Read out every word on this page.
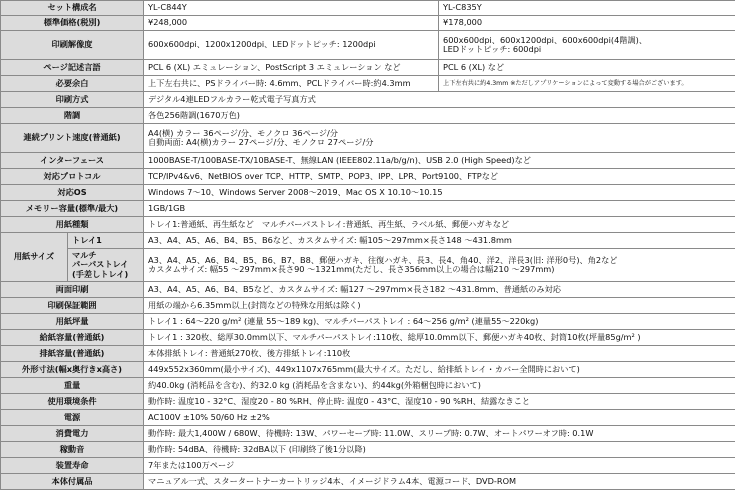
セット構成名		YL-C844Y	YL-C835Y
標準価格(税別)		¥248,000	¥178,000
印刷解像度		600x600dpi、1200x1200dpi、LEDドットピッチ: 1200dpi	600x600dpi、600x1200dpi、600x600dpi(4階調)、
LEDドットピッチ: 600dpi

ページ記述言語		PCL 6 (XL) エミュレーション、PostScript 3 エミュレーション など	PCL 6 (XL) など
必要余白		上下左右共に、PSドライバー時: 4.6mm、PCLドライバー時:約4.3mm	上下左右共に約4.3mm ※ただしアプリケーションによって変動する場合がございます。
印刷方式		デジタル4連LEDフルカラー乾式電子写真方式	
階調		各色256階調(1670万色)	
連続プリント速度(普通紙)		A4(横) カラー 36ページ/分、モノクロ 36ページ/分
自動両面: A4(横)カラー 27ページ/分、モノクロ 27ページ/分	

インターフェース		1000BASE-T/100BASE-TX/10BASE-T、無線LAN (IEEE802.11a/b/g/n)、USB 2.0 (High Speed)など	
対応プロトコル		TCP/IPv4&v6、NetBIOS over TCP、HTTP、SMTP、POP3、IPP、LPR、Port9100、FTPなど	
対応OS		Windows 7〜10、Windows Server 2008〜2019、Mac OS X 10.10〜10.15	
メモリー容量(標準/最大)		1GB/1GB	
用紙種類		トレイ1:普通紙、再生紙など　マルチパーパストレイ:普通紙、再生紙、ラベル紙、郵便ハガキなど	
用紙サイズ	トレイ1	A3、A4、A5、A6、B4、B5、B6など、カスタムサイズ: 幅105〜297mm×長さ148 〜431.8mm	

	マルチ
パーパストレイ
(手差しトレイ)	A3、A4、A5、A6、B4、B5、B6、B7、B8、郵便ハガキ、往復ハガキ、長3、長4、角40、洋2、洋長3(旧: 洋形0号)、角2など
カスタムサイズ: 幅55 〜297mm×長さ90 〜1321mm(ただし、長さ356mm以上の場合は幅210 〜297mm)	

両面印刷		A3、A4、A5、A6、B4、B5など、カスタムサイズ: 幅127 〜297mm×長さ182 〜431.8mm、普通紙のみ対応	
印刷保証範囲		用紙の端から6.35mm以上(封筒などの特殊な用紙は除く)	
用紙坪量		トレイ1 : 64〜220 g/m² (連量 55〜189 kg)、マルチパーパストレイ : 64〜256 g/m² (連量55〜220kg)	
給紙容量(普通紙)		トレイ1 : 320枚、総厚30.0mm以下、マルチパーパストレイ:110枚、総厚10.0mm以下、郵便ハガキ40枚、封筒10枚(坪量85g/m² )	
排紙容量(普通紙)		本体排紙トレイ: 普通紙270枚、後方排紙トレイ:110枚	
外形寸法(幅x奥行きx高さ)		449x552x360mm(最小サイズ)、449x1107x765mm(最大サイズ。ただし、給排紙トレイ・カバー全開時において)	
重量		約40.0kg (消耗品を含む)、約32.0 kg (消耗品を含まない)、約44kg(外箱梱包時において)	
使用環境条件		動作時: 温度10 - 32°C、湿度20 - 80 %RH、停止時: 温度0 - 43°C、湿度10 - 90 %RH、結露なきこと	
電源		AC100V ±10% 50/60 Hz ±2%	
消費電力		動作時: 最大1,400W / 680W、待機時: 13W、パワーセーブ時: 11.0W、スリープ時: 0.7W、オートパワーオフ時: 0.1W	
稼動音		動作時: 54dBA、待機時: 32dBA以下 (印刷終了後1分以降)	
装置寿命		7年または100万ページ	
本体付属品		マニュアル一式、スタータートナーカートリッジ4本、イメージドラム4本、電源コード、DVD-ROM	
